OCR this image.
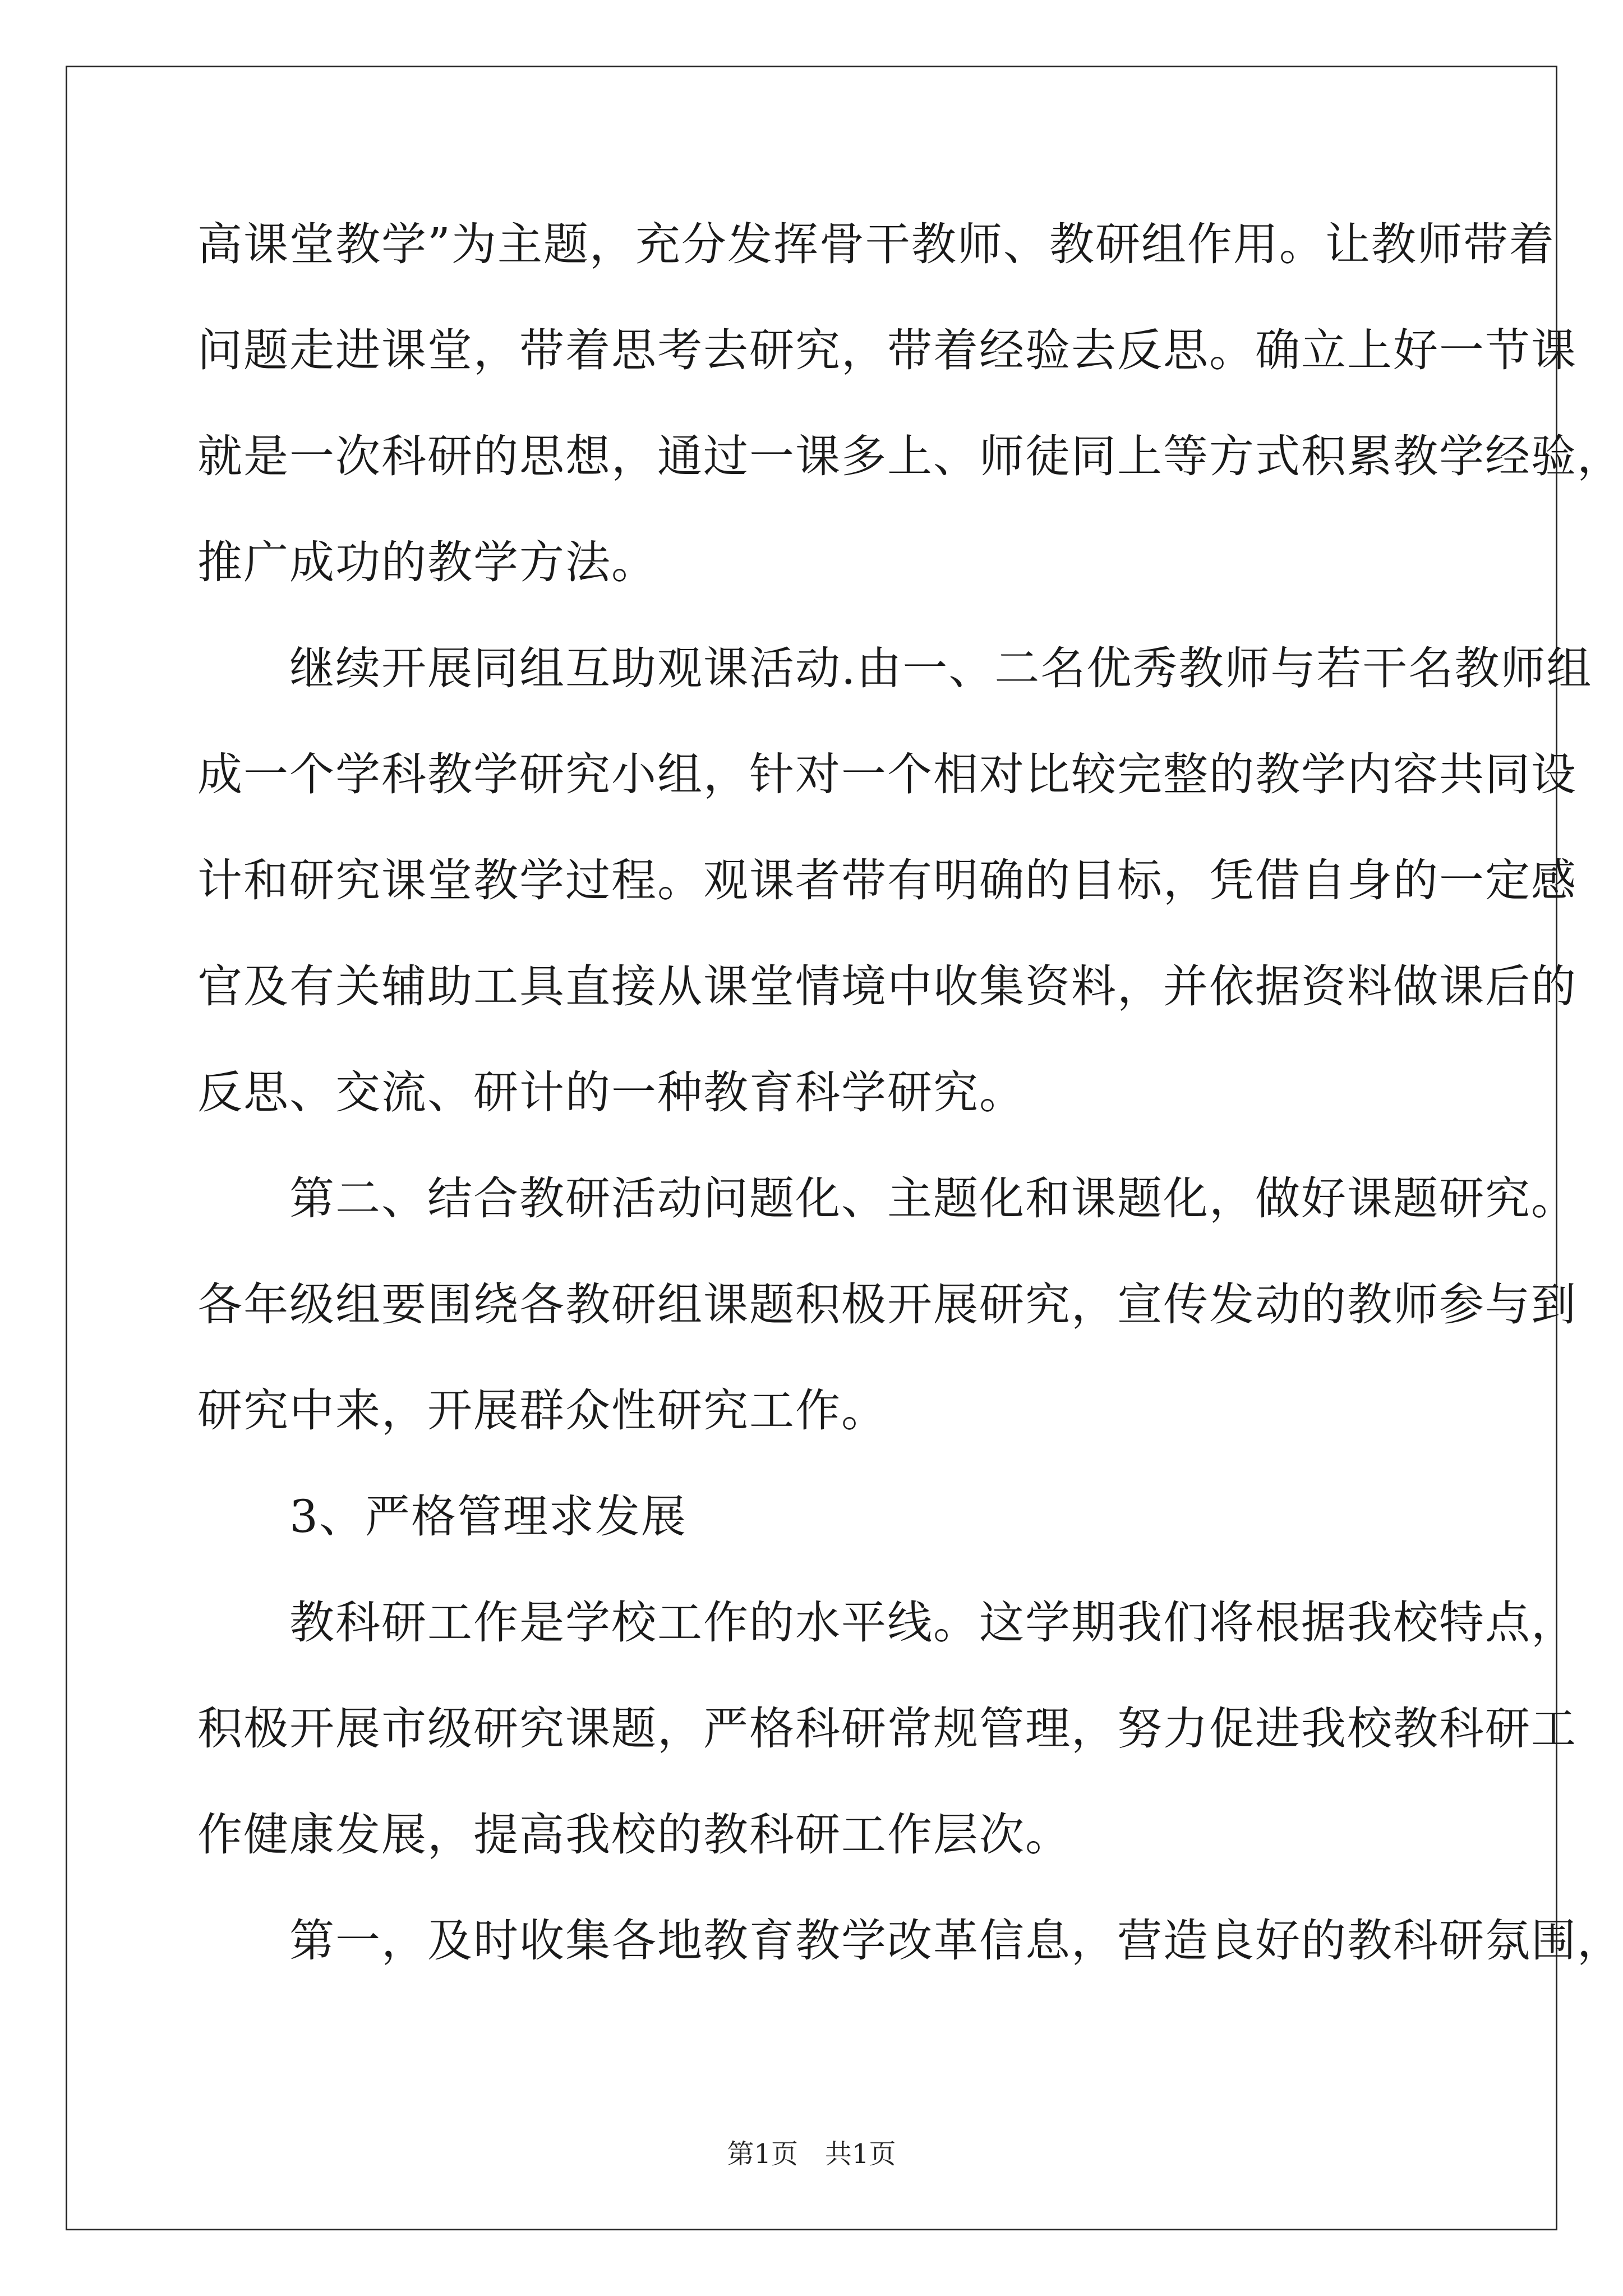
高课堂教学”为主题，充分发挥骨干教师、教研组作用。让教师带着
问题走进课堂，带着思考去研究，带着经验去反思。确立上好一节课
就是一次科研的思想，通过一课多上、师徒同上等方式积累教学经验，
推广成功的教学方法。
　　继续开展同组互助观课活动.由一、二名优秀教师与若干名教师组
成一个学科教学研究小组，针对一个相对比较完整的教学内容共同设
计和研究课堂教学过程。观课者带有明确的目标，凭借自身的一定感
官及有关辅助工具直接从课堂情境中收集资料，并依据资料做课后的
反思、交流、研计的一种教育科学研究。
　　第二、结合教研活动问题化、主题化和课题化，做好课题研究。
各年级组要围绕各教研组课题积极开展研究，宣传发动的教师参与到
研究中来，开展群众性研究工作。
　　3、严格管理求发展
　　教科研工作是学校工作的水平线。这学期我们将根据我校特点，
积极开展市级研究课题，严格科研常规管理，努力促进我校教科研工
作健康发展，提高我校的教科研工作层次。
　　第一，及时收集各地教育教学改革信息，营造良好的教科研氛围，
第1页　共1页
